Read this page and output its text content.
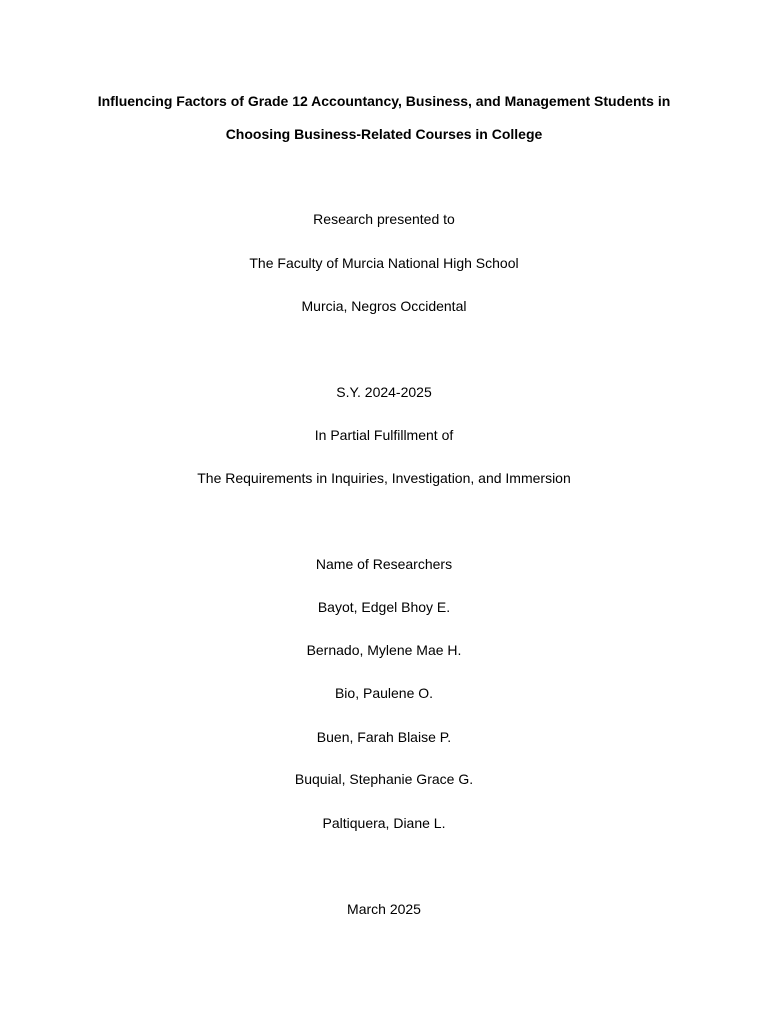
Influencing Factors of Grade 12 Accountancy, Business, and Management Students in
Choosing Business-Related Courses in College
Research presented to
The Faculty of Murcia National High School
Murcia, Negros Occidental
S.Y. 2024-2025
In Partial Fulfillment of
The Requirements in Inquiries, Investigation, and Immersion
Name of Researchers
Bayot, Edgel Bhoy E.
Bernado, Mylene Mae H.
Bio, Paulene O.
Buen, Farah Blaise P.
Buquial, Stephanie Grace G.
Paltiquera, Diane L.
March 2025
